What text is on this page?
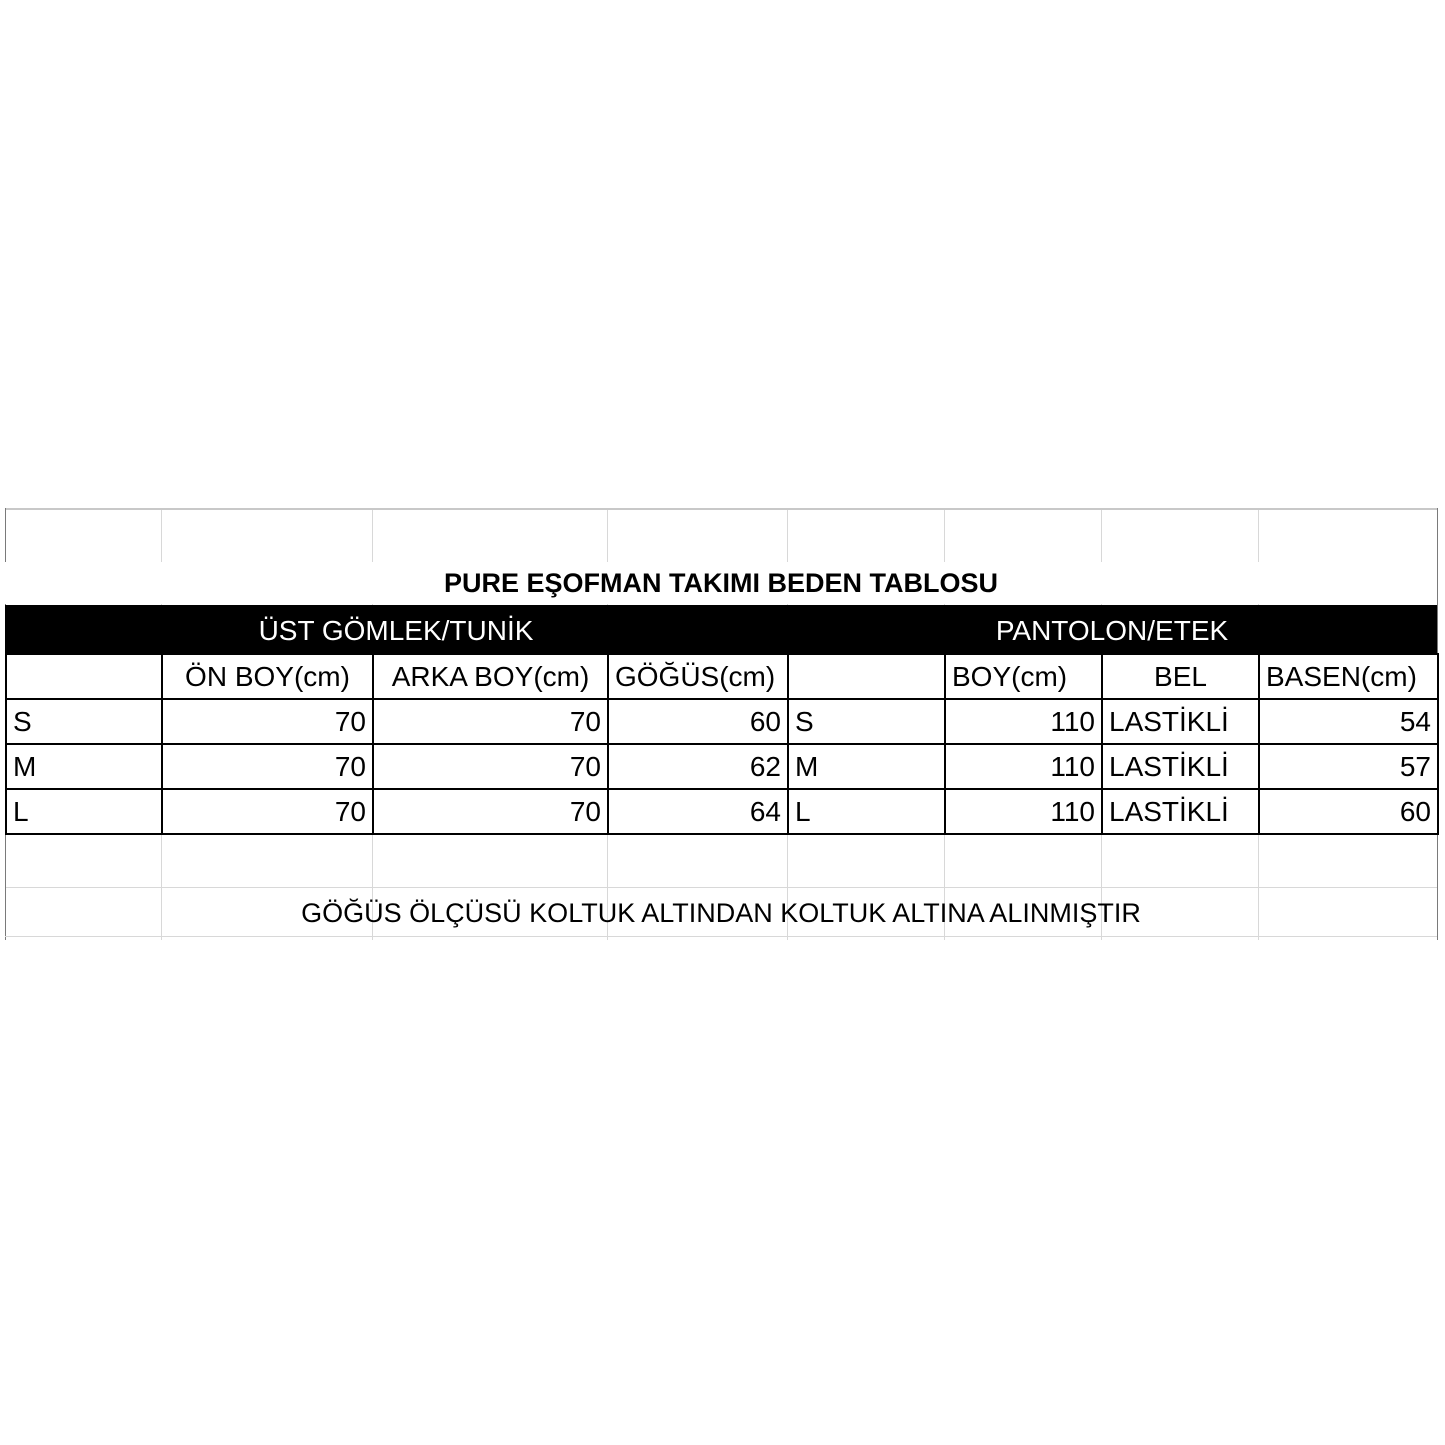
PURE EŞOFMAN TAKIMI BEDEN TABLOSU
ÜST GÖMLEK/TUNİK	PANTOLON/ETEK
	ÖN BOY(cm)	ARKA BOY(cm)	GÖĞÜS(cm)		BOY(cm)	BEL	BASEN(cm)
S	70	70	60	S	110	LASTİKLİ	54
M	70	70	62	M	110	LASTİKLİ	57
L	70	70	64	L	110	LASTİKLİ	60
GÖĞÜS ÖLÇÜSÜ KOLTUK ALTINDAN KOLTUK ALTINA ALINMIŞTIR
